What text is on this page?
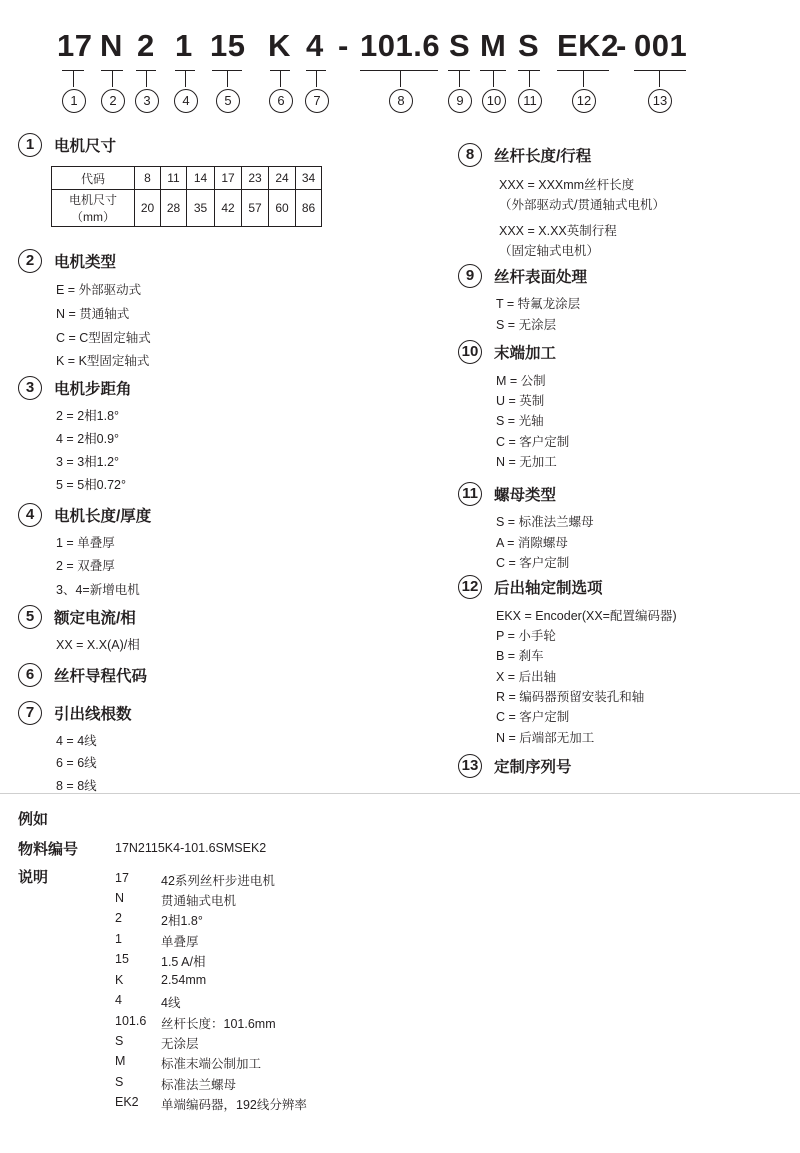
17 N 2 1 15 K 4 - 101.6 S M S EK2
- 001
1	2	3	4	5	6	7	8	9	10	11	12	13
1	电机尺寸
代码	8	11	14	17	23	24	34

电机尺寸
（mm）	20	28	35	42	57	60	86
2	电机类型
E = 外部驱动式
N = 贯通轴式
C = C型固定轴式
K = K型固定轴式
3	电机步距角
2 = 2相1.8°
4 = 2相0.9°
3 = 3相1.2°
5 = 5相0.72°
4	电机长度/厚度
1 = 单叠厚
2 = 双叠厚
3、4=新增电机
5	额定电流/相
XX = X.X(A)/相
6	丝杆导程代码
7	引出线根数
4 = 4线
6 = 6线
8 = 8线
8	丝杆长度/行程
XXX = XXXmm丝杆长度
（外部驱动式/贯通轴式电机）
XXX = X.XX英制行程
（固定轴式电机）
9	丝杆表面处理
T = 特氟龙涂层
S = 无涂层
10 末端加工
M = 公制
U = 英制
S = 光轴
C = 客户定制
N = 无加工
11 螺母类型
S = 标准法兰螺母
A = 消隙螺母
C = 客户定制
12 后出轴定制选项
EKX = Encoder(XX=配置编码器)
P = 小手轮
B = 刹车
X = 后出轴
R = 编码器预留安装孔和轴
C = 客户定制
N = 后端部无加工
13 定制序列号
例如
物料编号	17N2115K4-101.6SMSEK2
说明	17	42系列丝杆步进电机
N	贯通轴式电机
2	2相1.8°
1	单叠厚
15	1.5 A/相
K	2.54mm
4	4线
101.6 丝杆长度：101.6mm
S	无涂层
M	标准末端公制加工
S	标准法兰螺母
EK2 单端编码器，192线分辨率
